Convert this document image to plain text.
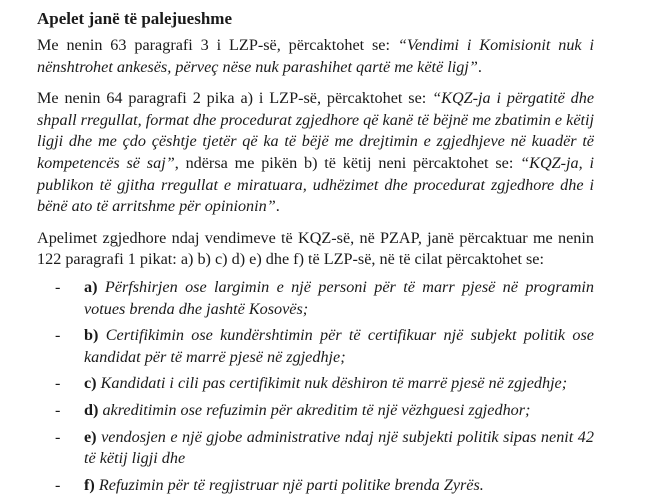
Apelet janë të palejueshme

Me nenin 63 paragrafi 3 i LZP-së, përcaktohet se: “Vendimi i Komisionit nuk i nënshtrohet ankesës, përveç nëse nuk parashihet qartë me këtë ligj”.

Me nenin 64 paragrafi 2 pika a) i LZP-së, përcaktohet se: “KQZ-ja i përgatitë dhe shpall rregullat, format dhe procedurat zgjedhore që kanë të bëjnë me zbatimin e këtij ligji dhe me çdo çështje tjetër që ka të bëjë me drejtimin e zgjedhjeve në kuadër të kompetencës së saj”, ndërsa me pikën b) të këtij neni përcaktohet se: “KQZ-ja, i publikon të gjitha rregullat e miratuara, udhëzimet dhe procedurat zgjedhore dhe i bënë ato të arritshme për opinionin”.

Apelimet zgjedhore ndaj vendimeve të KQZ-së, në PZAP, janë përcaktuar me nenin 122 paragrafi 1 pikat: a) b) c) d) e) dhe f) të LZP-së, në të cilat përcaktohet se:

- a) Përfshirjen ose largimin e një personi për të marr pjesë në programin votues brenda dhe jashtë Kosovës;
- b) Certifikimin ose kundërshtimin për të certifikuar një subjekt politik ose kandidat për të marrë pjesë në zgjedhje;
- c) Kandidati i cili pas certifikimit nuk dëshiron të marrë pjesë në zgjedhje;
- d) akreditimin ose refuzimin për akreditim të një vëzhguesi zgjedhor;
- e) vendosjen e një gjobe administrative ndaj një subjekti politik sipas nenit 42 të këtij ligji dhe
- f) Refuzimin për të regjistruar një parti politike brenda Zyrës.
